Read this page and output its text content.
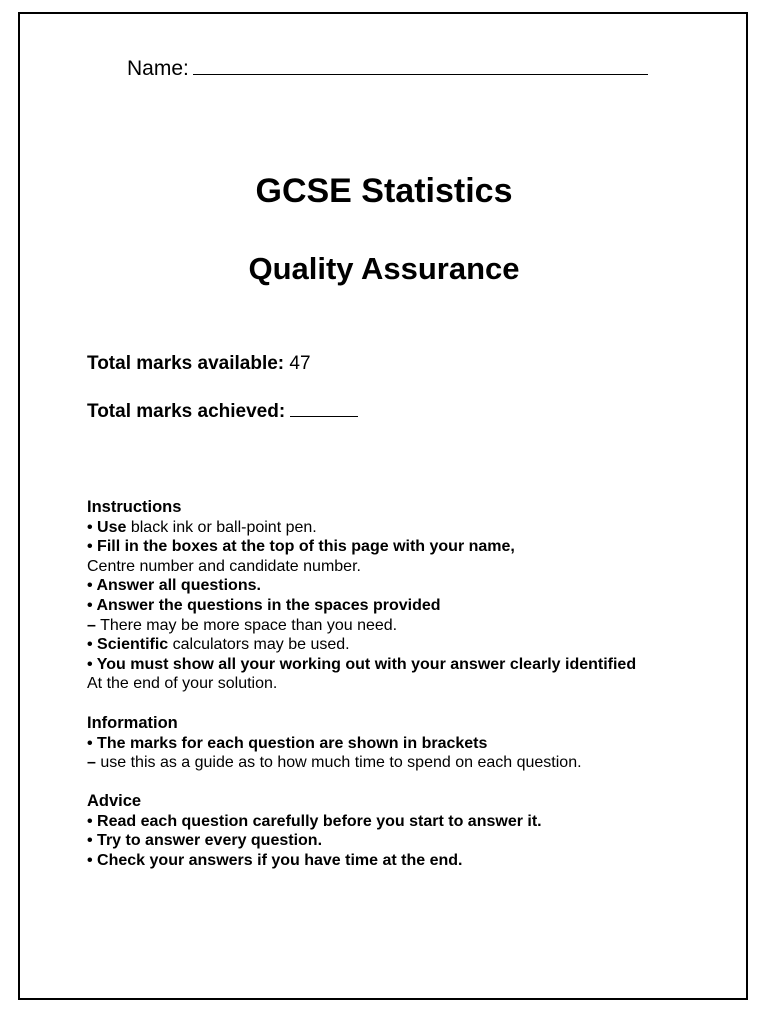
Name:
GCSE Statistics
Quality Assurance
Total marks available: 47
Total marks achieved:
Instructions
• Use black ink or ball-point pen.
• Fill in the boxes at the top of this page with your name,
Centre number and candidate number.
• Answer all questions.
• Answer the questions in the spaces provided
– There may be more space than you need.
• Scientific calculators may be used.
• You must show all your working out with your answer clearly identified
At the end of your solution.
Information
• The marks for each question are shown in brackets
– use this as a guide as to how much time to spend on each question.
Advice
• Read each question carefully before you start to answer it.
• Try to answer every question.
• Check your answers if you have time at the end.
